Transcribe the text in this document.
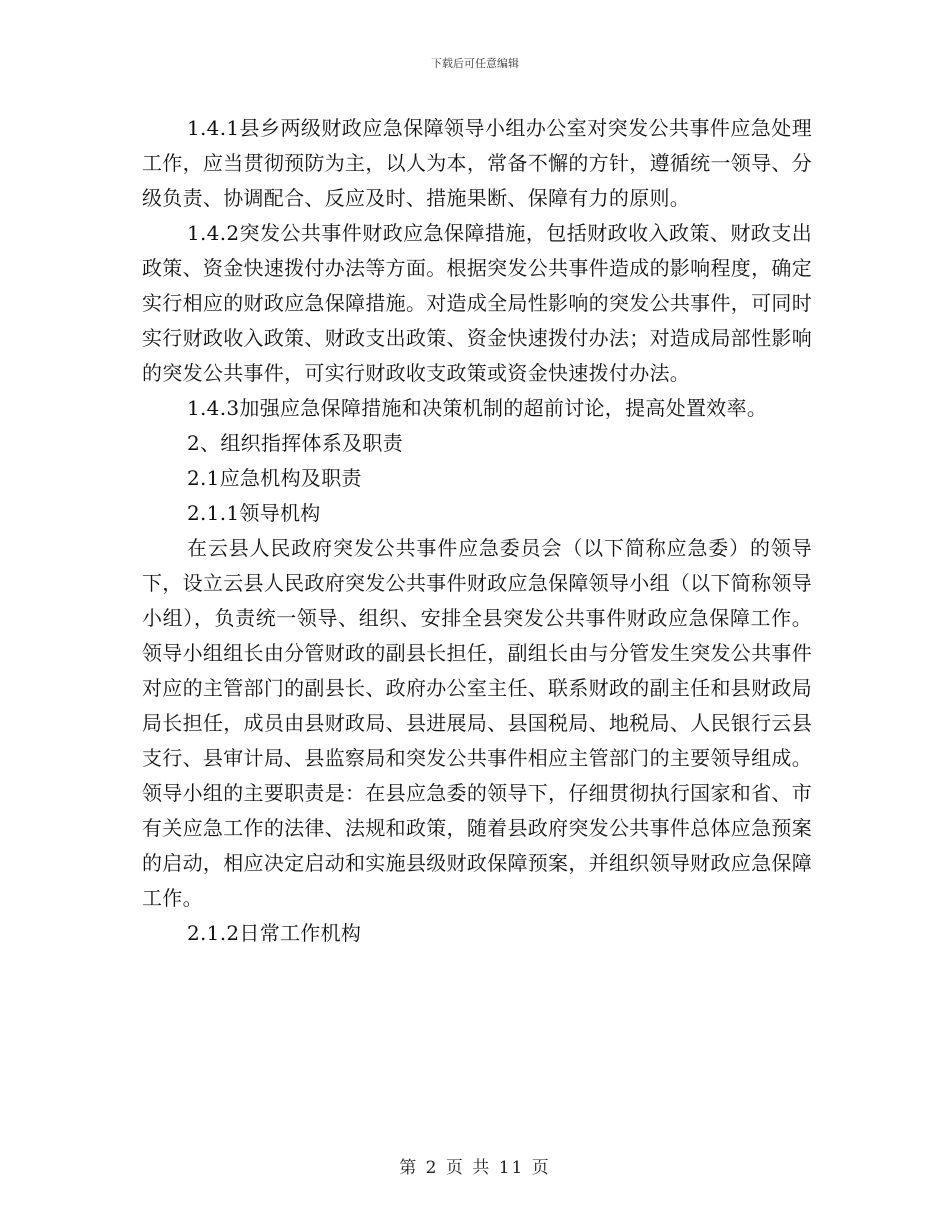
下载后可任意编辑

1.4.1县乡两级财政应急保障领导小组办公室对突发公共事件应急处理工作，应当贯彻预防为主，以人为本，常备不懈的方针，遵循统一领导、分级负责、协调配合、反应及时、措施果断、保障有力的原则。

1.4.2突发公共事件财政应急保障措施，包括财政收入政策、财政支出政策、资金快速拨付办法等方面。根据突发公共事件造成的影响程度，确定实行相应的财政应急保障措施。对造成全局性影响的突发公共事件，可同时实行财政收入政策、财政支出政策、资金快速拨付办法；对造成局部性影响的突发公共事件，可实行财政收支政策或资金快速拨付办法。

1.4.3加强应急保障措施和决策机制的超前讨论，提高处置效率。

2、组织指挥体系及职责

2.1应急机构及职责

2.1.1领导机构

在云县人民政府突发公共事件应急委员会（以下简称应急委）的领导下，设立云县人民政府突发公共事件财政应急保障领导小组（以下简称领导小组），负责统一领导、组织、安排全县突发公共事件财政应急保障工作。领导小组组长由分管财政的副县长担任，副组长由与分管发生突发公共事件对应的主管部门的副县长、政府办公室主任、联系财政的副主任和县财政局局长担任，成员由县财政局、县进展局、县国税局、地税局、人民银行云县支行、县审计局、县监察局和突发公共事件相应主管部门的主要领导组成。领导小组的主要职责是：在县应急委的领导下，仔细贯彻执行国家和省、市有关应急工作的法律、法规和政策，随着县政府突发公共事件总体应急预案的启动，相应决定启动和实施县级财政保障预案，并组织领导财政应急保障工作。

2.1.2日常工作机构

第 2 页 共 11 页
